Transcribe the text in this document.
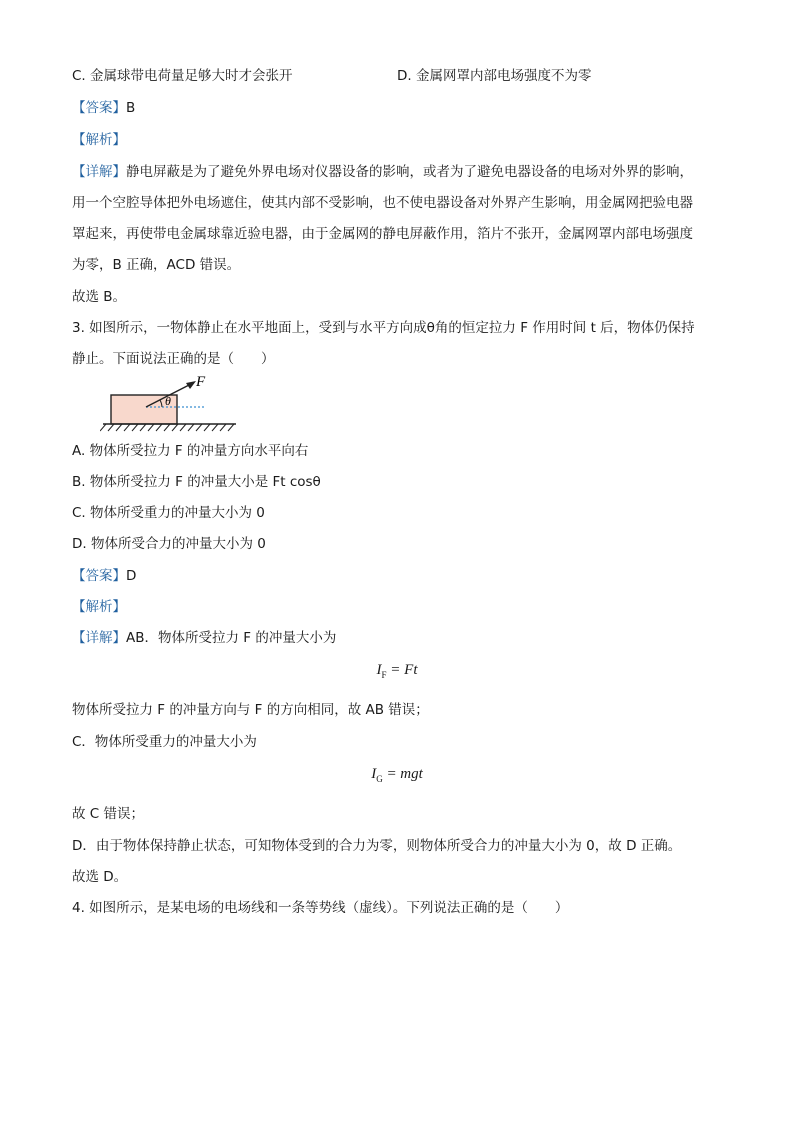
C. 金属球带电荷量足够大时才会张开	D. 金属网罩内部电场强度不为零
【答案】B
【解析】
【详解】静电屏蔽是为了避免外界电场对仪器设备的影响，或者为了避免电器设备的电场对外界的影响，
用一个空腔导体把外电场遮住，使其内部不受影响，也不使电器设备对外界产生影响，用金属网把验电器
罩起来，再使带电金属球靠近验电器，由于金属网的静电屏蔽作用，箔片不张开，金属网罩内部电场强度
为零，B 正确，ACD 错误。
故选 B。
3. 如图所示，一物体静止在水平地面上，受到与水平方向成θ角的恒定拉力 F 作用时间 t 后，物体仍保持
静止。下面说法正确的是（　　）
F
θ
A. 物体所受拉力 F 的冲量方向水平向右
B. 物体所受拉力 F 的冲量大小是 Ft cosθ
C. 物体所受重力的冲量大小为 0
D. 物体所受合力的冲量大小为 0
【答案】D
【解析】
【详解】AB．物体所受拉力 F 的冲量大小为
$I_F = Ft$
物体所受拉力 F 的冲量方向与 F 的方向相同，故 AB 错误；
C．物体所受重力的冲量大小为
$I_G$ = mgt
故 C 错误；
D．由于物体保持静止状态，可知物体受到的合力为零，则物体所受合力的冲量大小为 0，故 D 正确。
故选 D。
4. 如图所示，是某电场的电场线和一条等势线（虚线）。下列说法正确的是（　　）
